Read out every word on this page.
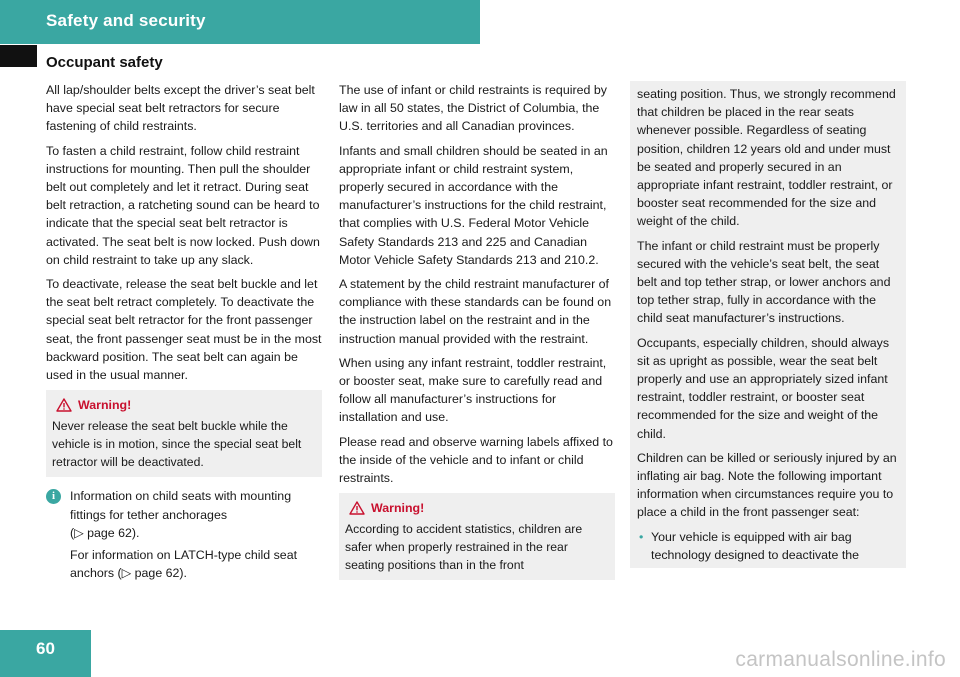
Safety and security
Occupant safety

All lap/shoulder belts except the driver’s seat belt have special seat belt retractors for secure fastening of child restraints.

To fasten a child restraint, follow child restraint instructions for mounting. Then pull the shoulder belt out completely and let it retract. During seat belt retraction, a ratcheting sound can be heard to indicate that the special seat belt retractor is activated. The seat belt is now locked. Push down on child restraint to take up any slack.

To deactivate, release the seat belt buckle and let the seat belt retract completely. To deactivate the special seat belt retractor for the front passenger seat, the front passenger seat must be in the most backward position. The seat belt can again be used in the usual manner.

Warning!
Never release the seat belt buckle while the vehicle is in motion, since the special seat belt retractor will be deactivated.
i	Information on child seats with mounting fittings for tether anchorages
(▷ page 62).

For information on LATCH-type child seat anchors (▷ page 62).

The use of infant or child restraints is required by law in all 50 states, the District of Columbia, the U.S. territories and all Canadian provinces.

Infants and small children should be seated in an appropriate infant or child restraint system, properly secured in accordance with the manufacturer’s instructions for the child restraint, that complies with U.S. Federal Motor Vehicle Safety Standards 213 and 225 and Canadian Motor Vehicle Safety Standards 213 and 210.2.

A statement by the child restraint manufacturer of compliance with these standards can be found on the instruction label on the restraint and in the instruction manual provided with the restraint.

When using any infant restraint, toddler restraint, or booster seat, make sure to carefully read and follow all manufacturer’s instructions for installation and use.

Please read and observe warning labels affixed to the inside of the vehicle and to infant or child restraints.

Warning!
According to accident statistics, children are safer when properly restrained in the rear seating positions than in the front

seating position. Thus, we strongly recommend that children be placed in the rear seats whenever possible. Regardless of seating position, children 12 years old and under must be seated and properly secured in an appropriate infant restraint, toddler restraint, or booster seat recommended for the size and weight of the child.

The infant or child restraint must be properly secured with the vehicle’s seat belt, the seat belt and top tether strap, or lower anchors and top tether strap, fully in accordance with the child seat manufacturer’s instructions.

Occupants, especially children, should always sit as upright as possible, wear the seat belt properly and use an appropriately sized infant restraint, toddler restraint, or booster seat recommended for the size and weight of the child.

Children can be killed or seriously injured by an inflating air bag. Note the following important information when circumstances require you to place a child in the front passenger seat:

• Your vehicle is equipped with air bag technology designed to deactivate the
60	carmanualsonline.info
